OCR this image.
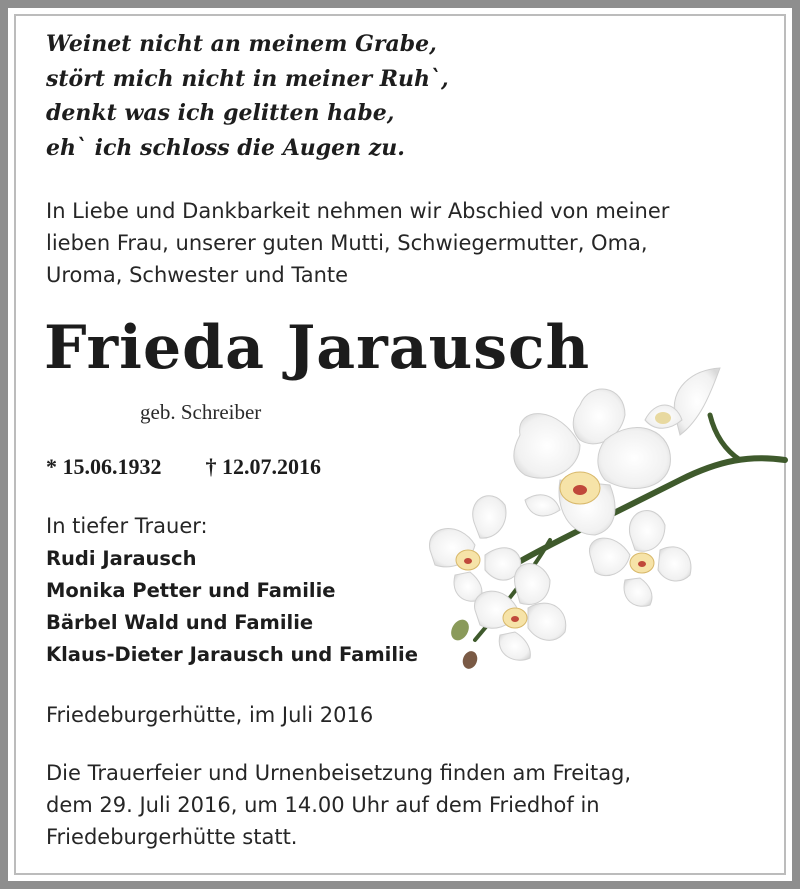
Weinet nicht an meinem Grabe,
stört mich nicht in meiner Ruh`,
denkt was ich gelitten habe,
eh` ich schloss die Augen zu.
In Liebe und Dankbarkeit nehmen wir Abschied von meiner
lieben Frau, unserer guten Mutti, Schwiegermutter, Oma,
Uroma, Schwester und Tante
Frieda Jarausch
geb. Schreiber
* 15.06.1932 † 12.07.2016
In tiefer Trauer:
Rudi Jarausch
Monika Petter und Familie
Bärbel Wald und Familie
Klaus-Dieter Jarausch und Familie
Friedeburgerhütte, im Juli 2016
Die Trauerfeier und Urnenbeisetzung finden am Freitag,
dem 29. Juli 2016, um 14.00 Uhr auf dem Friedhof in
Friedeburgerhütte statt.
